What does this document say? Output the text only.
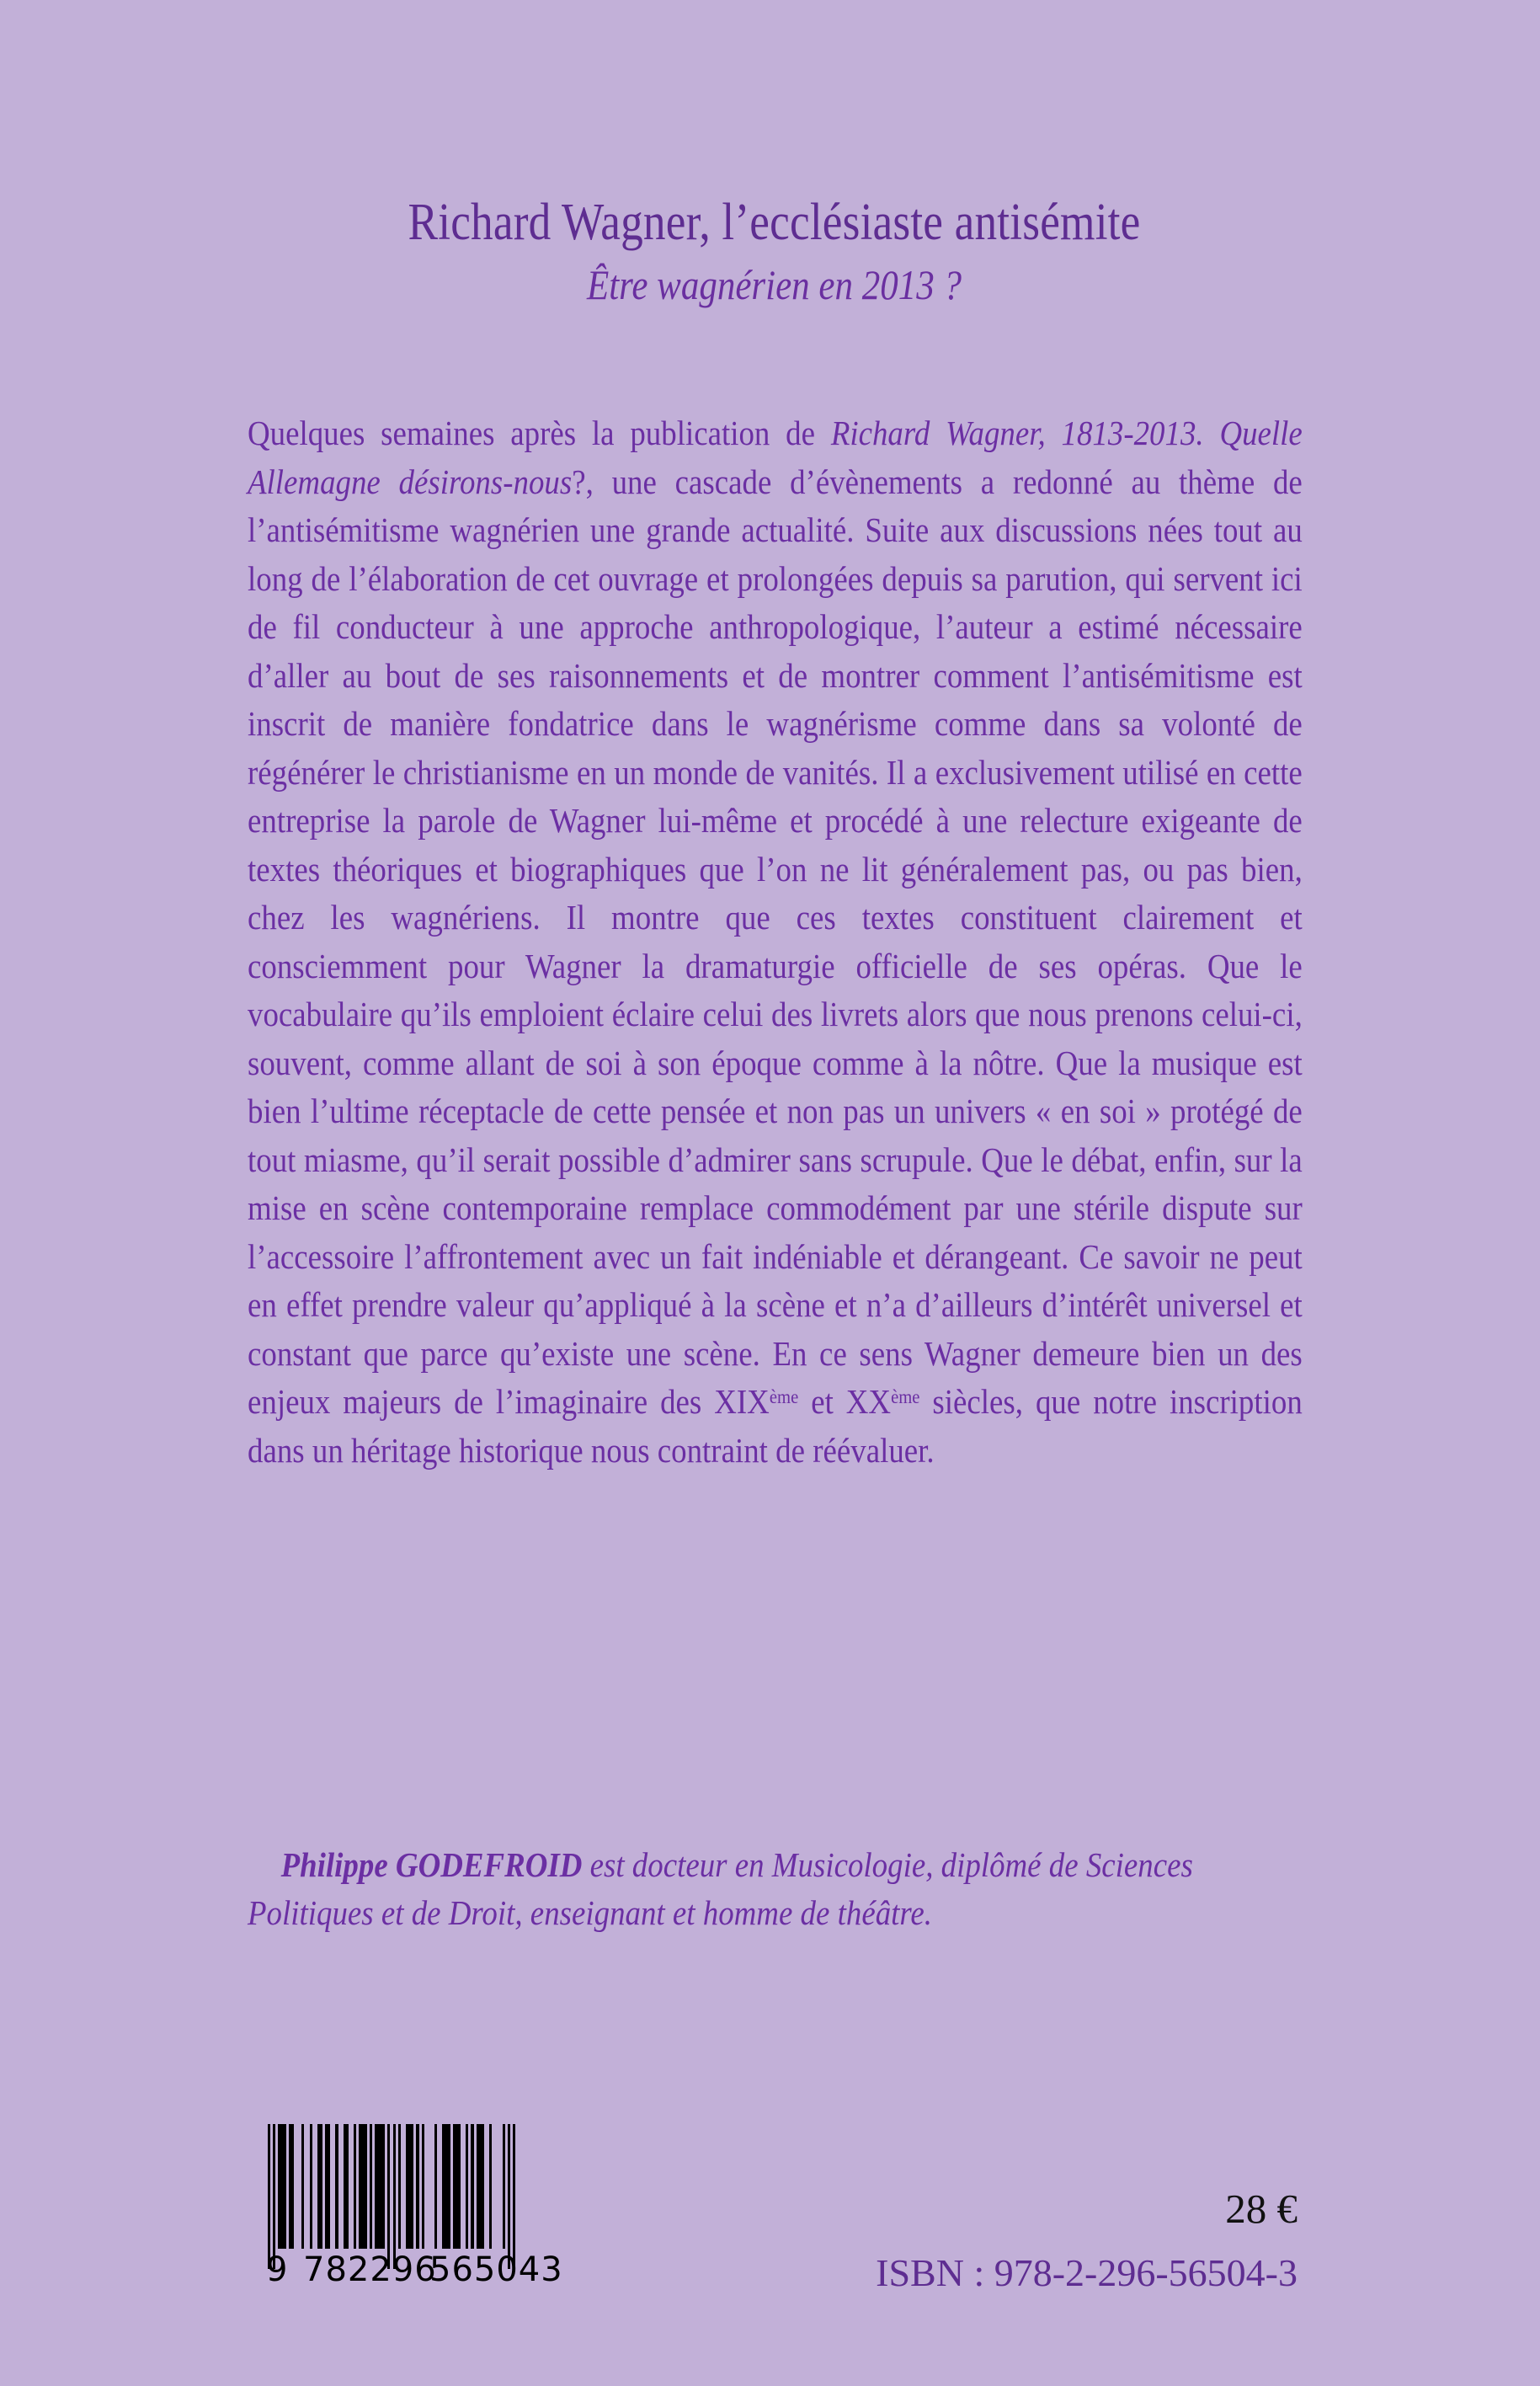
Richard Wagner, l’ecclésiaste antisémite
Être wagnérien en 2013 ?

Quelques semaines après la publication de Richard Wagner, 1813-2013. Quelle Allemagne désirons-nous?, une cascade d’évènements a redonné au thème de l’antisémitisme wagnérien une grande actualité. Suite aux discussions nées tout au long de l’élaboration de cet ouvrage et prolongées depuis sa parution, qui servent ici de fil conducteur à une approche anthropologique, l’auteur a estimé nécessaire d’aller au bout de ses raisonnements et de montrer comment l’antisémitisme est inscrit de manière fondatrice dans le wagnérisme comme dans sa volonté de régénérer le christianisme en un monde de vanités. Il a exclusivement utilisé en cette entreprise la parole de Wagner lui-même et procédé à une relecture exigeante de textes théoriques et biographiques que l’on ne lit généralement pas, ou pas bien, chez les wagnériens. Il montre que ces textes constituent clairement et consciemment pour Wagner la dramaturgie officielle de ses opéras. Que le vocabulaire qu’ils emploient éclaire celui des livrets alors que nous prenons celui-ci, souvent, comme allant de soi à son époque comme à la nôtre. Que la musique est bien l’ultime réceptacle de cette pensée et non pas un univers « en soi » protégé de tout miasme, qu’il serait possible d’admirer sans scrupule. Que le débat, enfin, sur la mise en scène contemporaine remplace commodément par une stérile dispute sur l’accessoire l’affrontement avec un fait indéniable et dérangeant. Ce savoir ne peut en effet prendre valeur qu’appliqué à la scène et n’a d’ailleurs d’intérêt universel et constant que parce qu’existe une scène. En ce sens Wagner demeure bien un des enjeux majeurs de l’imaginaire des XIXème et XXème siècles, que notre inscription dans un héritage historique nous contraint de réévaluer.

Philippe GODEFROID est docteur en Musicologie, diplômé de Sciences Politiques et de Droit, enseignant et homme de théâtre.
9 782296
565043
28 €
ISBN : 978-2-296-56504-3
